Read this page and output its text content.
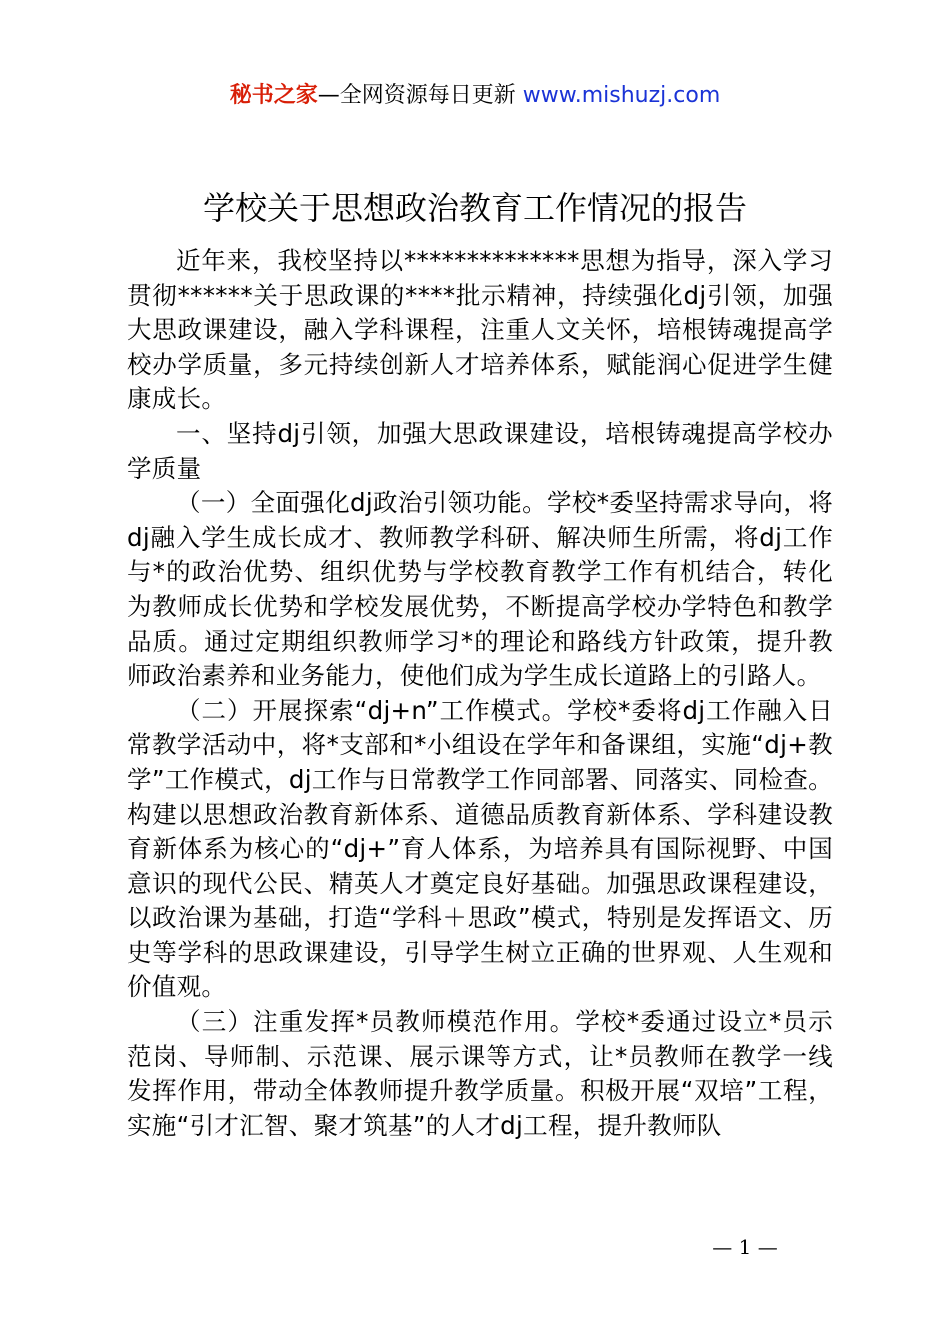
秘书之家—全网资源每日更新 www.mishuzj.com
学校关于思想政治教育工作情况的报告

近年来，我校坚持以**************思想为指导，深入学习贯彻******关于思政课的****批示精神，持续强化dj引领，加强大思政课建设，融入学科课程，注重人文关怀，培根铸魂提高学校办学质量，多元持续创新人才培养体系，赋能润心促进学生健康成长。

一、坚持dj引领，加强大思政课建设，培根铸魂提高学校办学质量

（一）全面强化dj政治引领功能。学校*委坚持需求导向，将dj融入学生成长成才、教师教学科研、解决师生所需，将dj工作与*的政治优势、组织优势与学校教育教学工作有机结合，转化为教师成长优势和学校发展优势，不断提高学校办学特色和教学品质。通过定期组织教师学习*的理论和路线方针政策，提升教师政治素养和业务能力，使他们成为学生成长道路上的引路人。

（二）开展探索“dj+n”工作模式。学校*委将dj工作融入日常教学活动中，将*支部和*小组设在学年和备课组，实施“dj+教学”工作模式，dj工作与日常教学工作同部署、同落实、同检查。构建以思想政治教育新体系、道德品质教育新体系、学科建设教育新体系为核心的“dj+”育人体系，为培养具有国际视野、中国意识的现代公民、精英人才奠定良好基础。加强思政课程建设，以政治课为基础，打造“学科＋思政”模式，特别是发挥语文、历史等学科的思政课建设，引导学生树立正确的世界观、人生观和价值观。

（三）注重发挥*员教师模范作用。学校*委通过设立*员示范岗、导师制、示范课、展示课等方式，让*员教师在教学一线发挥作用，带动全体教师提升教学质量。积极开展“双培”工程，实施“引才汇智、聚才筑基”的人才dj工程，提升教师队

— 1 —
